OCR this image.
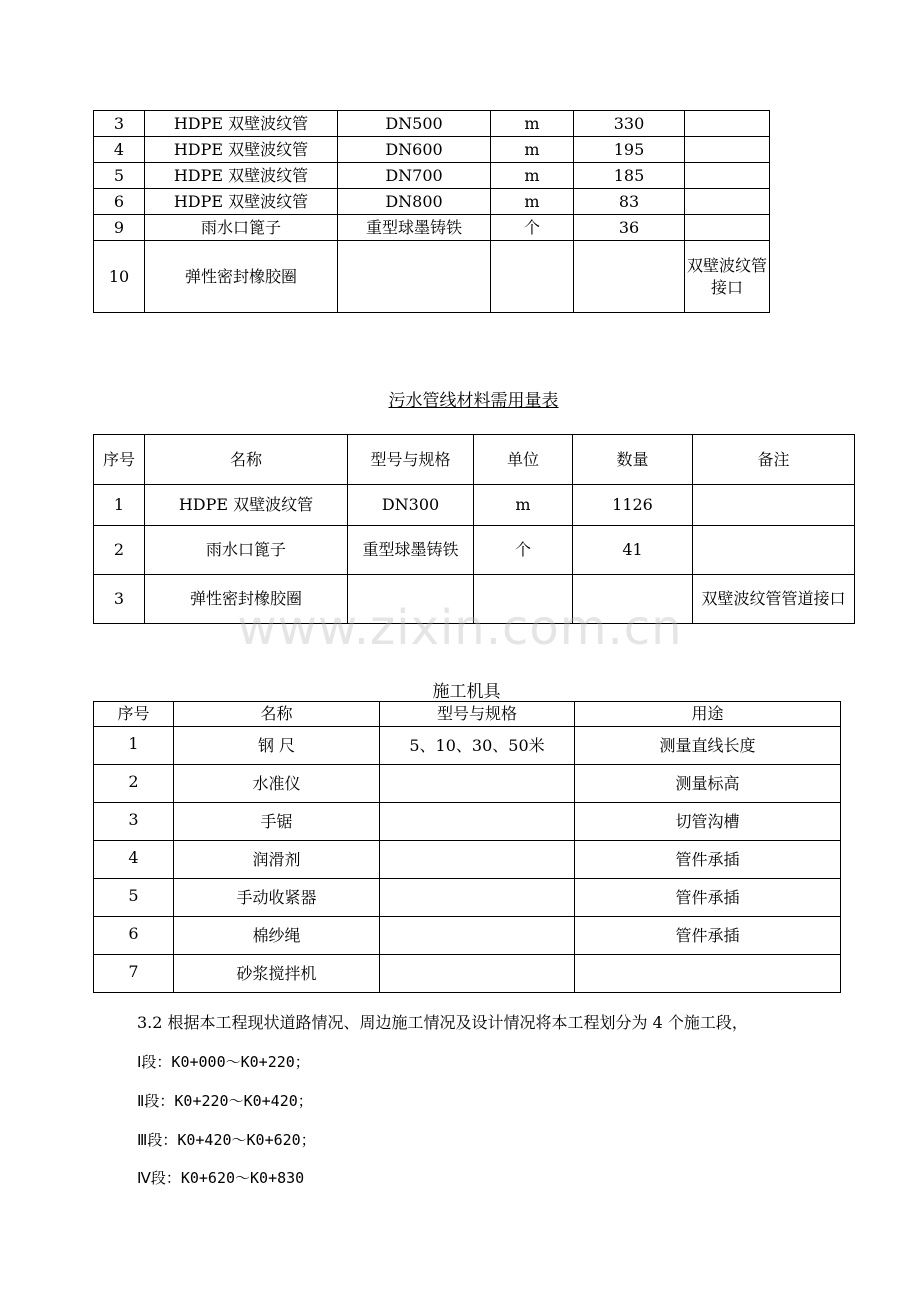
3	HDPE 双壁波纹管	DN500	m	330	
4	HDPE 双壁波纹管	DN600	m	195	
5	HDPE 双壁波纹管	DN700	m	185	
6	HDPE 双壁波纹管	DN800	m	83	
9	雨水口篦子	重型球墨铸铁	个	36	
10	弹性密封橡胶圈				双壁波纹管接口
污水管线材料需用量表
序号	名称	型号与规格	单位	数量	备注
1	HDPE 双壁波纹管	DN300	m	1126	
2	雨水口篦子	重型球墨铸铁	个	41	
3	弹性密封橡胶圈				双壁波纹管管道接口
www.zixin.com.cn
施工机具
序号	名称	型号与规格	用途
1	钢 尺	5、10、30、50米	测量直线长度
2	水准仪		测量标高
3	手锯		切管沟槽
4	润滑剂		管件承插
5	手动收紧器		管件承插
6	棉纱绳		管件承插
7	砂浆搅拌机		
3.2 根据本工程现状道路情况、周边施工情况及设计情况将本工程划分为 4 个施工段，
Ⅰ段：K0+000～K0+220；
Ⅱ段：K0+220～K0+420；
Ⅲ段：K0+420～K0+620；
Ⅳ段：K0+620～K0+830
